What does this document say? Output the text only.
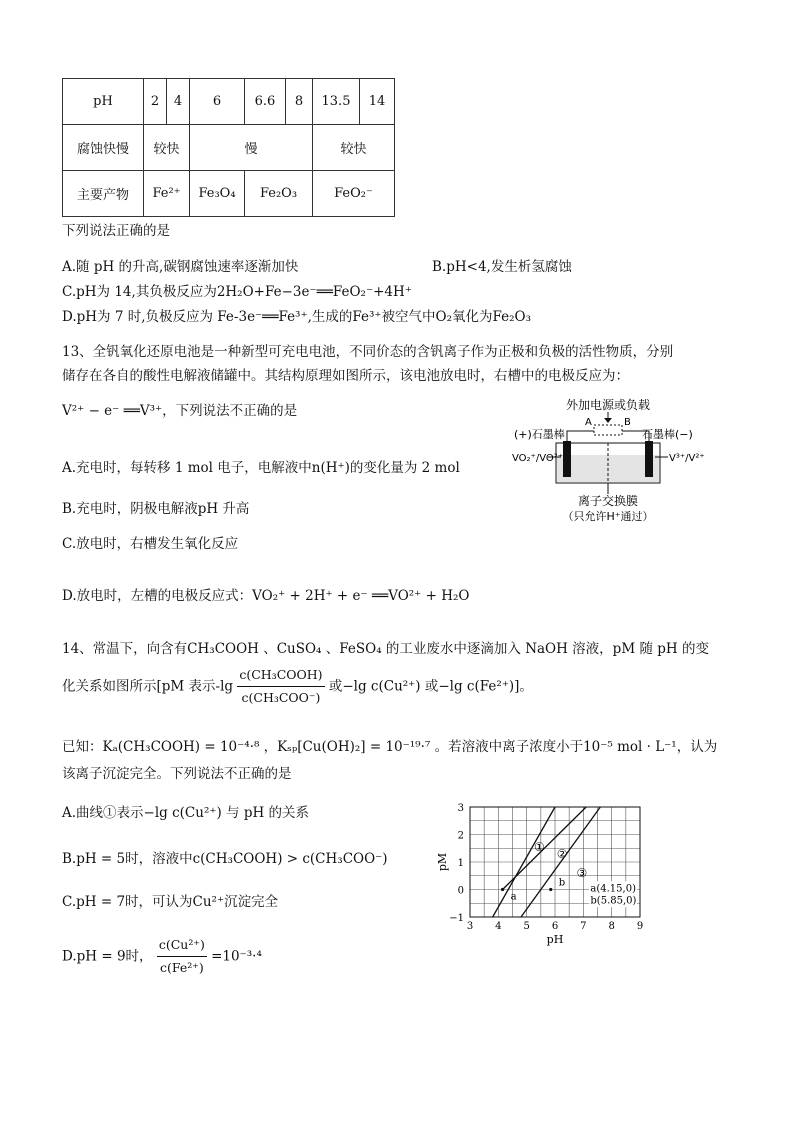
pH	2	4	6	6.6	8	13.5	14
腐蚀快慢	较快		慢			较快	
主要产物	Fe²⁺		Fe₃O₄	Fe₂O₃		FeO₂⁻	
下列说法正确的是
A.随 pH 的升高,碳钢腐蚀速率逐渐加快	B.pH<4,发生析氢腐蚀
C.pH为 14,其负极反应为2H₂O+Fe−3e⁻══FeO₂⁻+4H⁺
D.pH为 7 时,负极反应为 Fe-3e⁻══Fe³⁺,生成的Fe³⁺被空气中O₂氧化为Fe₂O₃
13、全钒氧化还原电池是一种新型可充电电池，不同价态的含钒离子作为正极和负极的活性物质，分别
储存在各自的酸性电解液储罐中。其结构原理如图所示，该电池放电时，右槽中的电极反应为：
V²⁺ − e⁻ ══V³⁺，下列说法不正确的是
A.充电时，每转移 1 mol 电子，电解液中n(H⁺)的变化量为 2 mol
B.充电时，阴极电解液pH 升高
C.放电时，右槽发生氧化反应
D.放电时，左槽的电极反应式：VO₂⁺ + 2H⁺ + e⁻ ══VO²⁺ + H₂O
外加电源或负载
A	B
(+)石墨棒	石墨棒(−)
VO₂⁺/VO²⁺	V³⁺/V²⁺
离子交换膜
（只允许H⁺通过）
14、常温下，向含有CH₃COOH 、CuSO₄ 、FeSO₄ 的工业废水中逐滴加入 NaOH 溶液，pM 随 pH 的变
化关系如图所示[pM 表示$-\lg \frac{\text{c(CH₃COOH)}}{\text{c(CH₃COO⁻)}}$ 或−lg c(Cu²⁺) 或−lg c(Fe²⁺)]。
已知：Kₐ(CH₃COOH) = 10⁻⁴·⁸ ，Kₛₚ[Cu(OH)₂] = 10⁻¹⁹·⁷ 。若溶液中离子浓度小于10⁻⁵ mol · L⁻¹，认为
该离子沉淀完全。下列说法不正确的是
A.曲线①表示−lg c(Cu²⁺) 与 pH 的关系
B.pH = 5时，溶液中c(CH₃COOH) > c(CH₃COO⁻)
C.pH = 7时，可认为Cu²⁺沉淀完全
D.pH = 9时， $\frac{\text{c(Cu²⁺)}}{\text{c(Fe²⁺)}} =10^{-3}\cdot^4$
3 4 5 6 7 8 9
−1
0
1
2
3
pH
pM
① ②
③
a
b
a(4.15,0)
b(5.85,0)
